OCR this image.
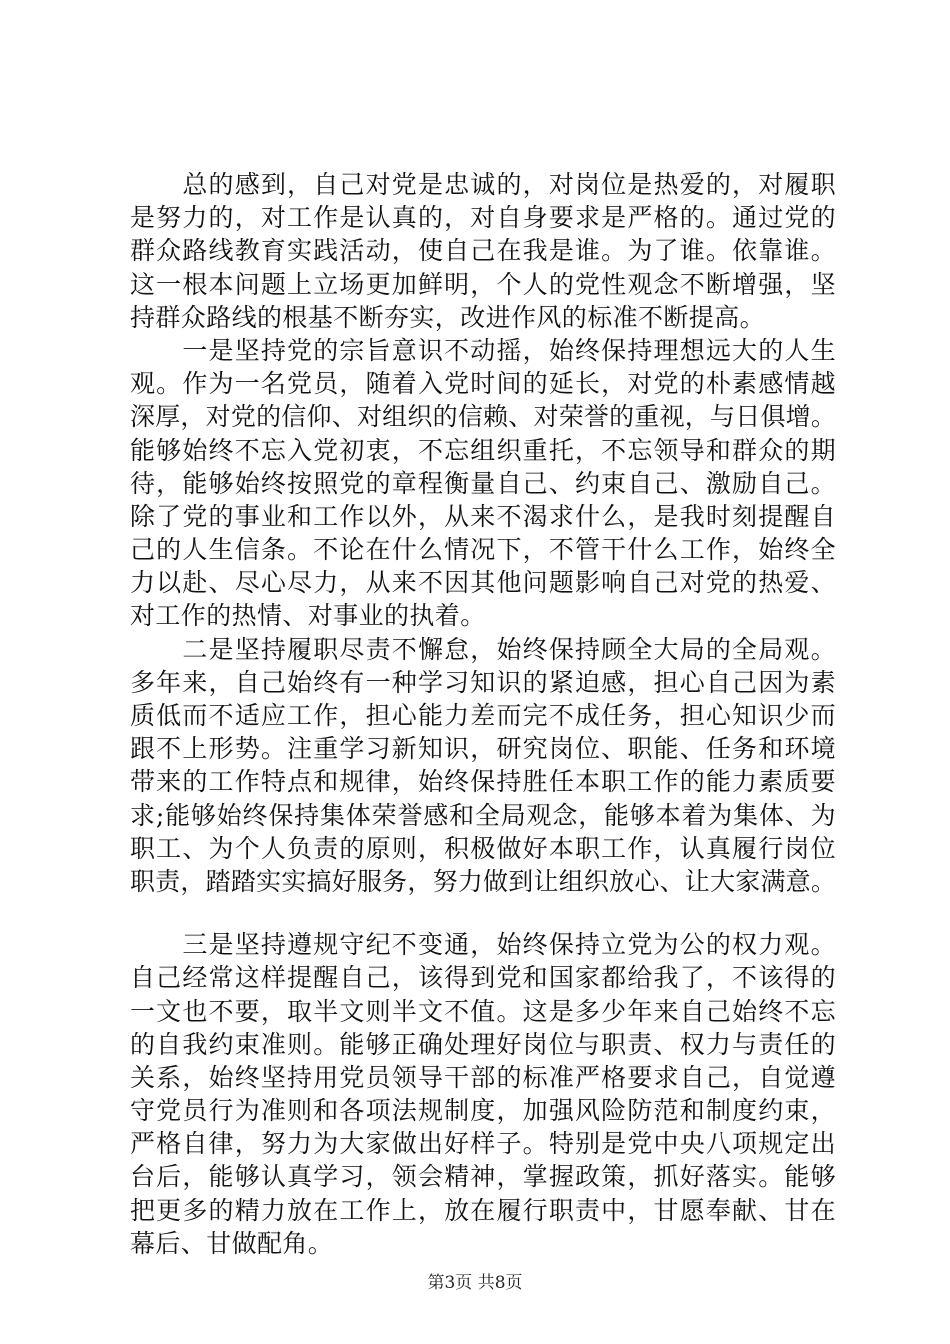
　　总的感到，自己对党是忠诚的，对岗位是热爱的，对履职
是努力的，对工作是认真的，对自身要求是严格的。通过党的
群众路线教育实践活动，使自己在我是谁。为了谁。依靠谁。
这一根本问题上立场更加鲜明，个人的党性观念不断增强，坚
持群众路线的根基不断夯实，改进作风的标准不断提高。
　　一是坚持党的宗旨意识不动摇，始终保持理想远大的人生
观。作为一名党员，随着入党时间的延长，对党的朴素感情越
深厚，对党的信仰、对组织的信赖、对荣誉的重视，与日俱增。
能够始终不忘入党初衷，不忘组织重托，不忘领导和群众的期
待，能够始终按照党的章程衡量自己、约束自己、激励自己。
除了党的事业和工作以外，从来不渴求什么，是我时刻提醒自
己的人生信条。不论在什么情况下，不管干什么工作，始终全
力以赴、尽心尽力，从来不因其他问题影响自己对党的热爱、
对工作的热情、对事业的执着。
　　二是坚持履职尽责不懈怠，始终保持顾全大局的全局观。
多年来，自己始终有一种学习知识的紧迫感，担心自己因为素
质低而不适应工作，担心能力差而完不成任务，担心知识少而
跟不上形势。注重学习新知识，研究岗位、职能、任务和环境
带来的工作特点和规律，始终保持胜任本职工作的能力素质要
求;能够始终保持集体荣誉感和全局观念，能够本着为集体、为
职工、为个人负责的原则，积极做好本职工作，认真履行岗位
职责，踏踏实实搞好服务，努力做到让组织放心、让大家满意。
　　三是坚持遵规守纪不变通，始终保持立党为公的权力观。
自己经常这样提醒自己，该得到党和国家都给我了，不该得的
一文也不要，取半文则半文不值。这是多少年来自己始终不忘
的自我约束准则。能够正确处理好岗位与职责、权力与责任的
关系，始终坚持用党员领导干部的标准严格要求自己，自觉遵
守党员行为准则和各项法规制度，加强风险防范和制度约束，
严格自律，努力为大家做出好样子。特别是党中央八项规定出
台后，能够认真学习，领会精神，掌握政策，抓好落实。能够
把更多的精力放在工作上，放在履行职责中，甘愿奉献、甘在
幕后、甘做配角。
第3页 共8页
